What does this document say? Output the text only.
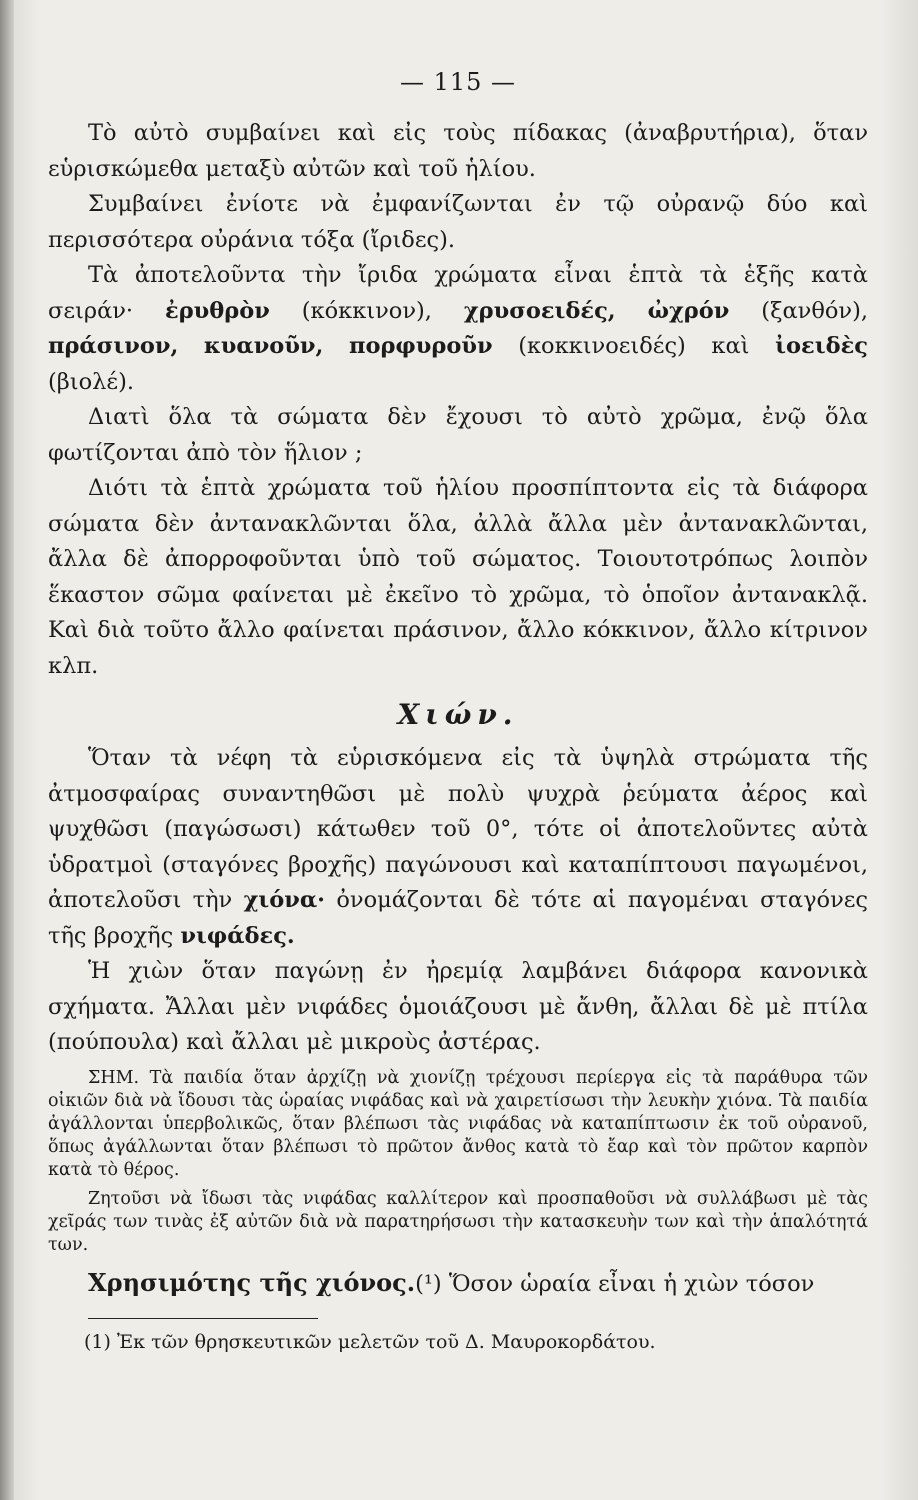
— 115 —

Τὸ αὐτὸ συμβαίνει καὶ εἰς τοὺς πίδακας (ἀναβρυτήρια), ὅταν εὑρισκώμεθα μεταξὺ αὐτῶν καὶ τοῦ ἡλίου.

Συμβαίνει ἐνίοτε νὰ ἐμφανίζωνται ἐν τῷ οὐρανῷ δύο καὶ περισσότερα οὐράνια τόξα (ἴριδες).

Τὰ ἀποτελοῦντα τὴν ἴριδα χρώματα εἶναι ἑπτὰ τὰ ἑξῆς κατὰ σειράν· ἐρυθρὸν (κόκκινον), χρυσοειδές, ὠχρόν (ξανθόν), πράσινον, κυανοῦν, πορφυροῦν (κοκκινοειδές) καὶ ἰοειδὲς (βιολέ).

Διατὶ ὅλα τὰ σώματα δὲν ἔχουσι τὸ αὐτὸ χρῶμα, ἐνῷ ὅλα φωτίζονται ἀπὸ τὸν ἥλιον ;

Διότι τὰ ἑπτὰ χρώματα τοῦ ἡλίου προσπίπτοντα εἰς τὰ διάφορα σώματα δὲν ἀντανακλῶνται ὅλα, ἀλλὰ ἄλλα μὲν ἀντανακλῶνται, ἄλλα δὲ ἀπορροφοῦνται ὑπὸ τοῦ σώματος. Τοιουτοτρόπως λοιπὸν ἕκαστον σῶμα φαίνεται μὲ ἐκεῖνο τὸ χρῶμα, τὸ ὁποῖον ἀντανακλᾷ. Καὶ διὰ τοῦτο ἄλλο φαίνεται πράσινον, ἄλλο κόκκινον, ἄλλο κίτρινον κλπ.

Χιών.

Ὅταν τὰ νέφη τὰ εὑρισκόμενα εἰς τὰ ὑψηλὰ στρώματα τῆς ἀτμοσφαίρας συναντηθῶσι μὲ πολὺ ψυχρὰ ῥεύματα ἀέρος καὶ ψυχθῶσι (παγώσωσι) κάτωθεν τοῦ 0°, τότε οἱ ἀποτελοῦντες αὐτὰ ὑδρατμοὶ (σταγόνες βροχῆς) παγώνουσι καὶ καταπίπτουσι παγωμένοι, ἀποτελοῦσι τὴν χιόνα· ὀνομάζονται δὲ τότε αἱ παγομέναι σταγόνες τῆς βροχῆς νιφάδες.

Ἡ χιὼν ὅταν παγώνῃ ἐν ἠρεμίᾳ λαμβάνει διάφορα κανονικὰ σχήματα. Ἄλλαι μὲν νιφάδες ὁμοιάζουσι μὲ ἄνθη, ἄλλαι δὲ μὲ πτίλα (πούπουλα) καὶ ἄλλαι μὲ μικροὺς ἀστέρας.

ΣΗΜ. Τὰ παιδία ὅταν ἀρχίζῃ νὰ χιονίζῃ τρέχουσι περίεργα εἰς τὰ παράθυρα τῶν οἰκιῶν διὰ νὰ ἴδουσι τὰς ὡραίας νιφάδας καὶ νὰ χαιρετίσωσι τὴν λευκὴν χιόνα. Τὰ παιδία ἀγάλλονται ὑπερβολικῶς, ὅταν βλέπωσι τὰς νιφάδας νὰ καταπίπτωσιν ἐκ τοῦ οὐρανοῦ, ὅπως ἀγάλλωνται ὅταν βλέπωσι τὸ πρῶτον ἄνθος κατὰ τὸ ἔαρ καὶ τὸν πρῶτον καρπὸν κατὰ τὸ θέρος.

Ζητοῦσι νὰ ἴδωσι τὰς νιφάδας καλλίτερον καὶ προσπαθοῦσι νὰ συλλάβωσι μὲ τὰς χεῖράς των τινὰς ἐξ αὐτῶν διὰ νὰ παρατηρήσωσι τὴν κατασκευὴν των καὶ τὴν ἁπαλότητά των.

Χρησιμότης τῆς χιόνος.(¹) Ὅσον ὡραία εἶναι ἡ χιὼν τόσον

(1) Ἐκ τῶν θρησκευτικῶν μελετῶν τοῦ Δ. Μαυροκορδάτου.
